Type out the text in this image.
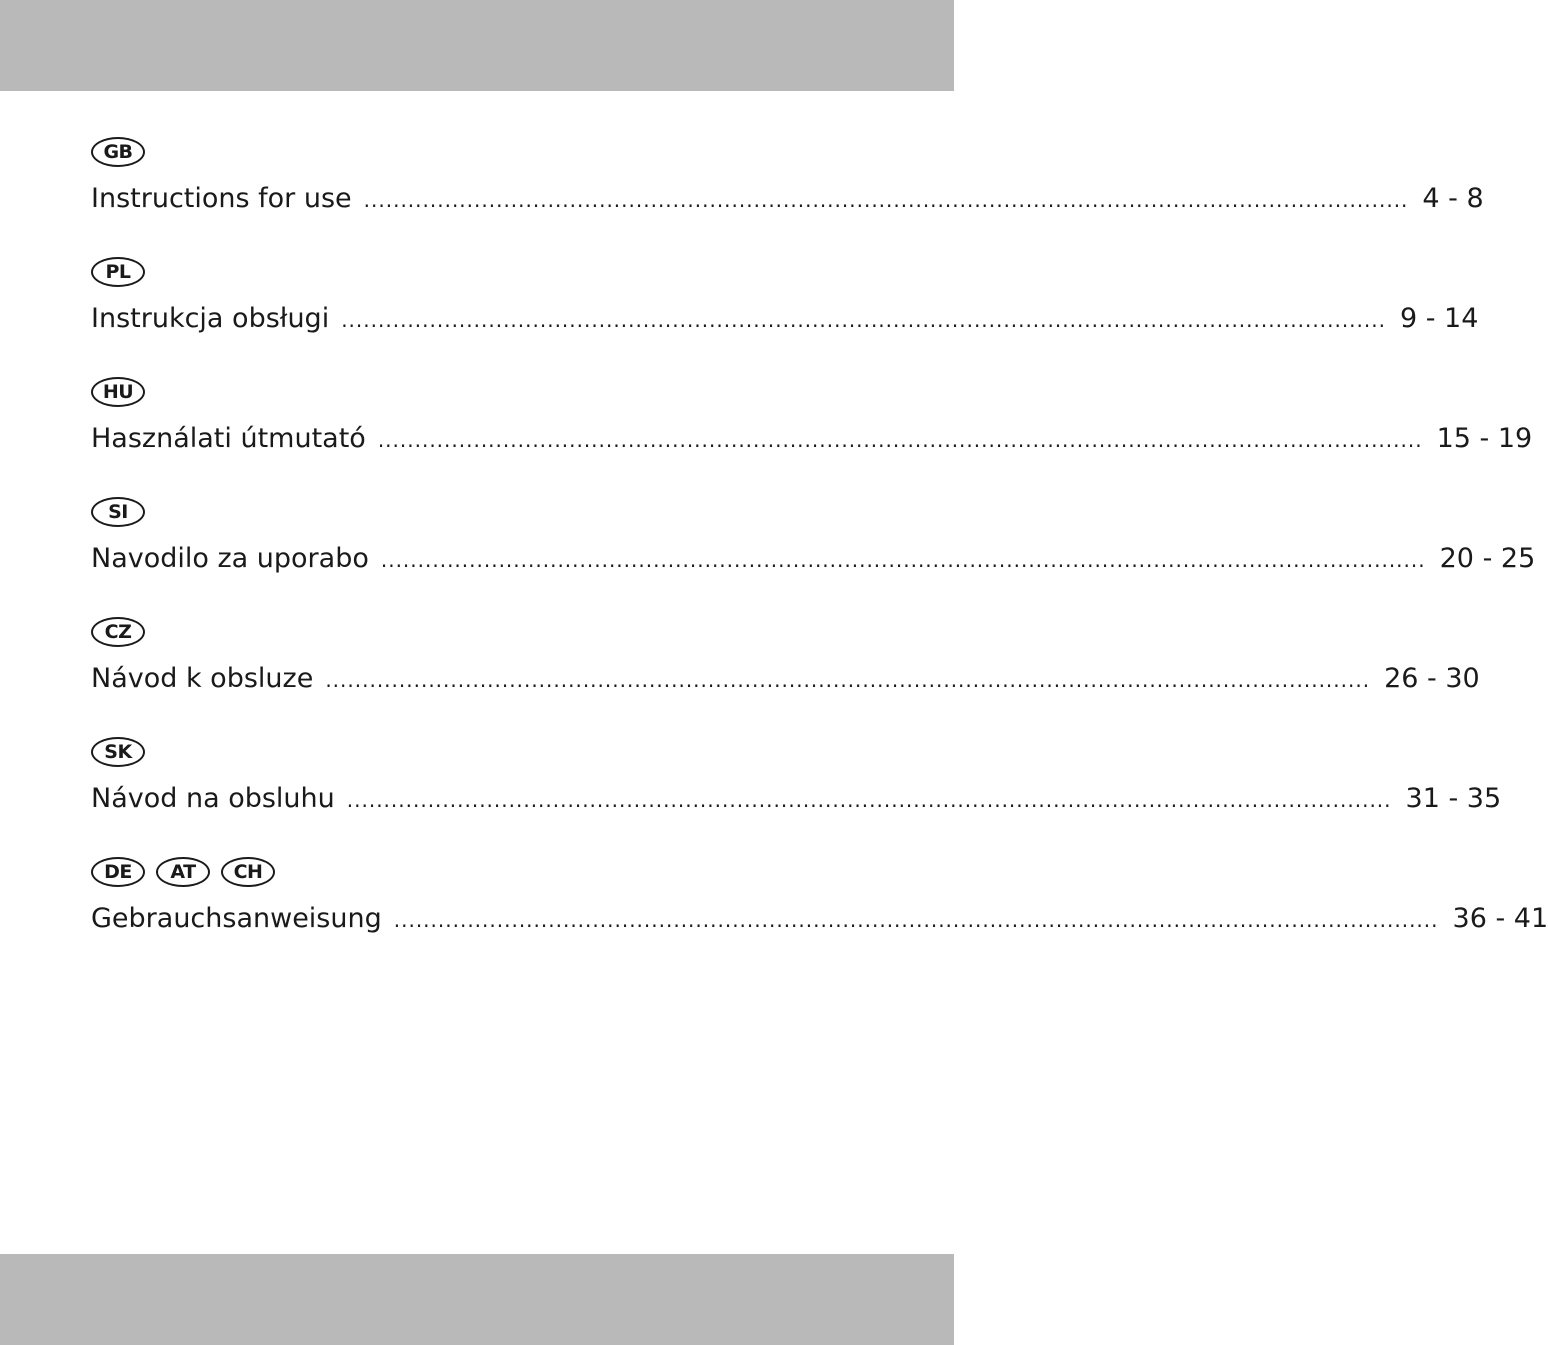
GB
Instructions for use .............................................................................................................................................. 4 - 8
PL
Instrukcja obsługi .............................................................................................................................................. 9 - 14
HU
Használati útmutató .............................................................................................................................................. 15 - 19
SI
Navodilo za uporabo .............................................................................................................................................. 20 - 25
CZ
Návod k obsluze .............................................................................................................................................. 26 - 30
SK
Návod na obsluhu .............................................................................................................................................. 31 - 35
DE	AT	CH
Gebrauchsanweisung .............................................................................................................................................. 36 - 41
